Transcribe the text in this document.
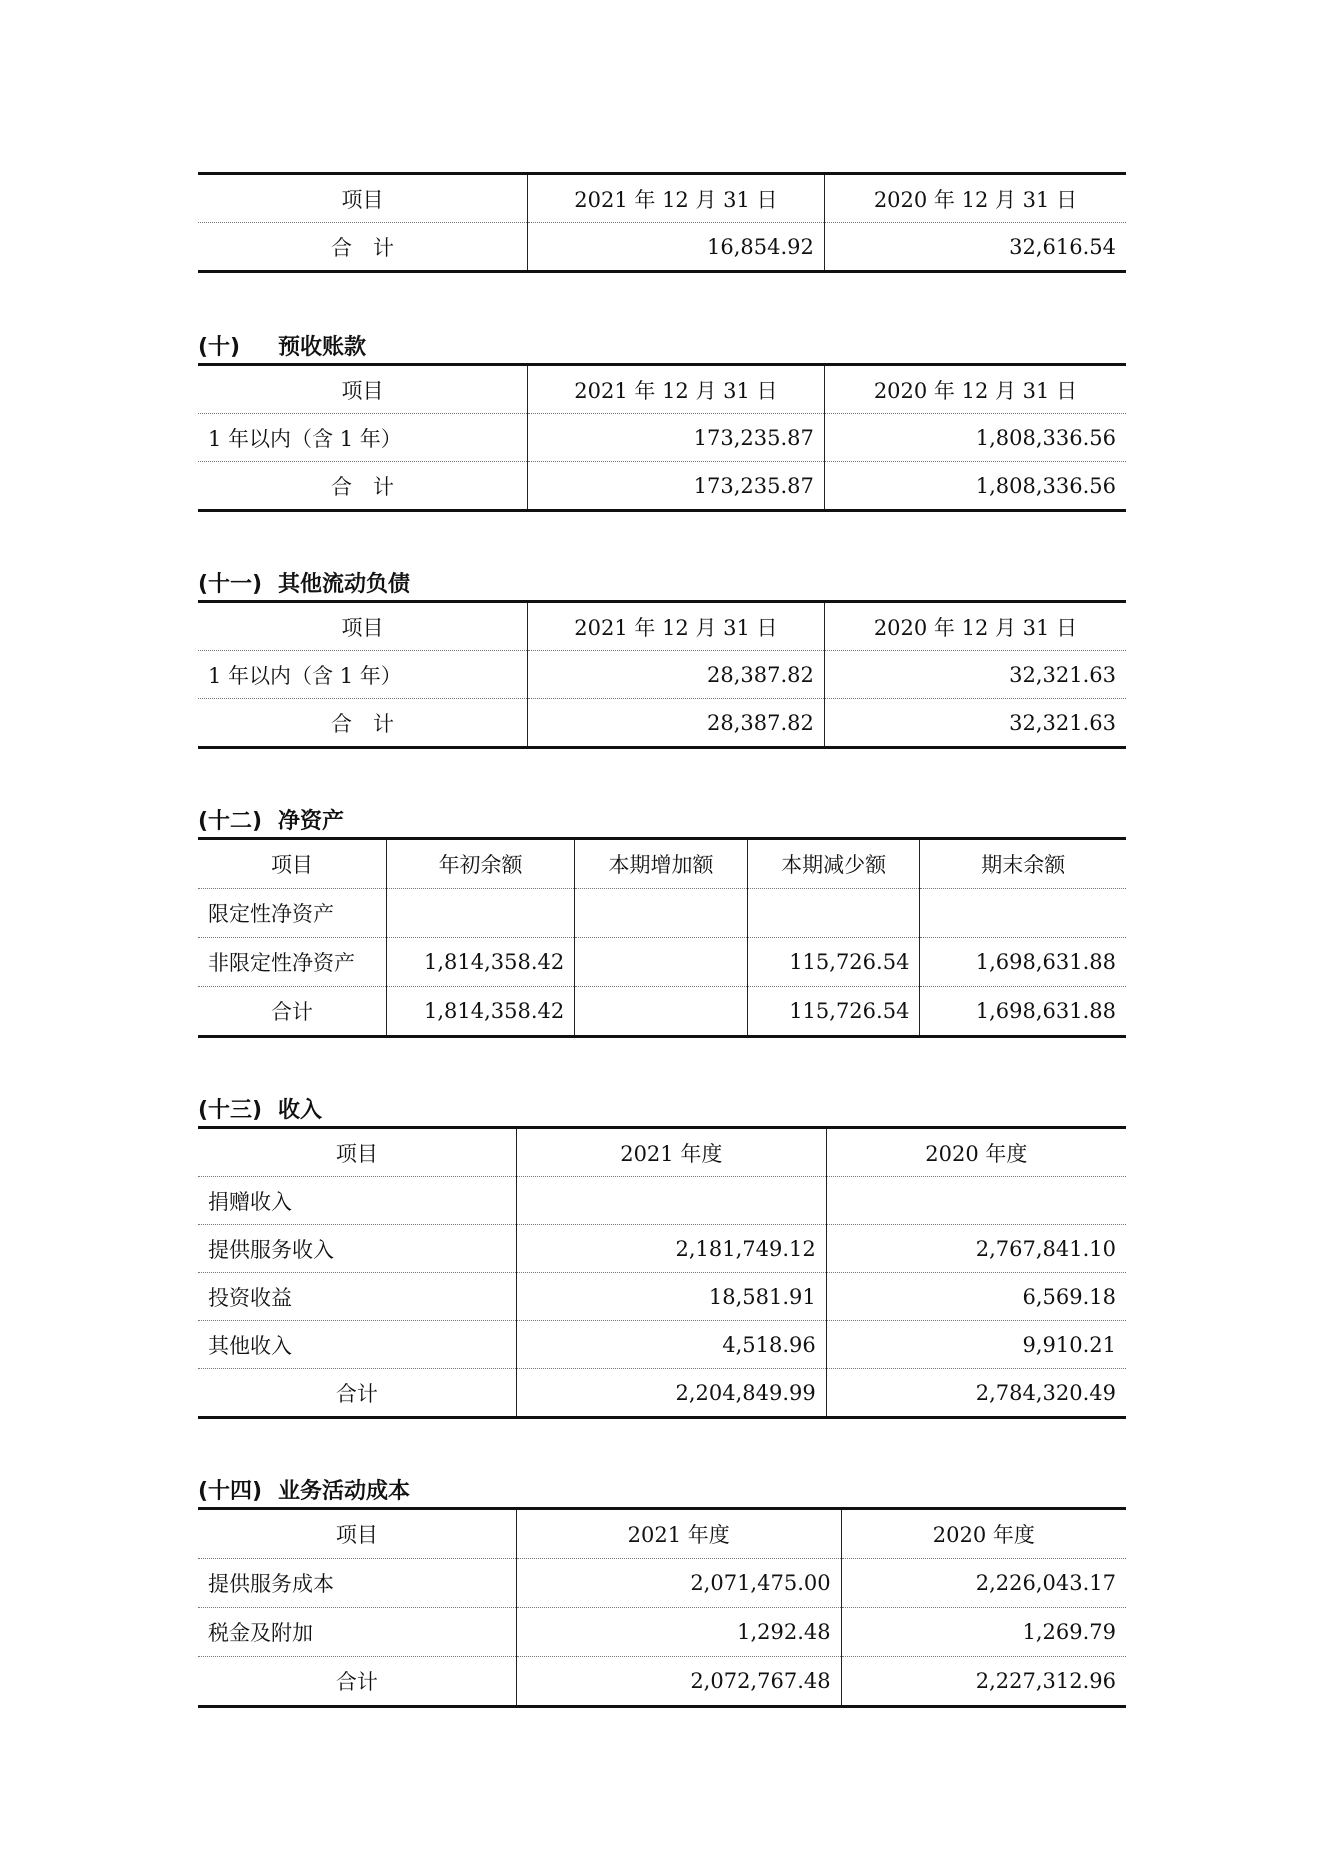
项目	2021 年 12 月 31 日	2020 年 12 月 31 日
合　计	16,854.92	32,616.54
(十)	预收账款
项目	2021 年 12 月 31 日	2020 年 12 月 31 日
1 年以内（含 1 年）	173,235.87	1,808,336.56
合　计	173,235.87	1,808,336.56
(十一) 其他流动负债
项目	2021 年 12 月 31 日	2020 年 12 月 31 日
1 年以内（含 1 年）	28,387.82	32,321.63
合　计	28,387.82	32,321.63
(十二) 净资产
项目	年初余额	本期增加额	本期减少额	期末余额
限定性净资产				
非限定性净资产	1,814,358.42		115,726.54	1,698,631.88
合计	1,814,358.42		115,726.54	1,698,631.88
(十三) 收入
项目	2021 年度	2020 年度
捐赠收入		
提供服务收入	2,181,749.12	2,767,841.10
投资收益	18,581.91	6,569.18
其他收入	4,518.96	9,910.21
合计	2,204,849.99	2,784,320.49
(十四) 业务活动成本
项目	2021 年度	2020 年度
提供服务成本	2,071,475.00	2,226,043.17
税金及附加	1,292.48	1,269.79
合计	2,072,767.48	2,227,312.96
